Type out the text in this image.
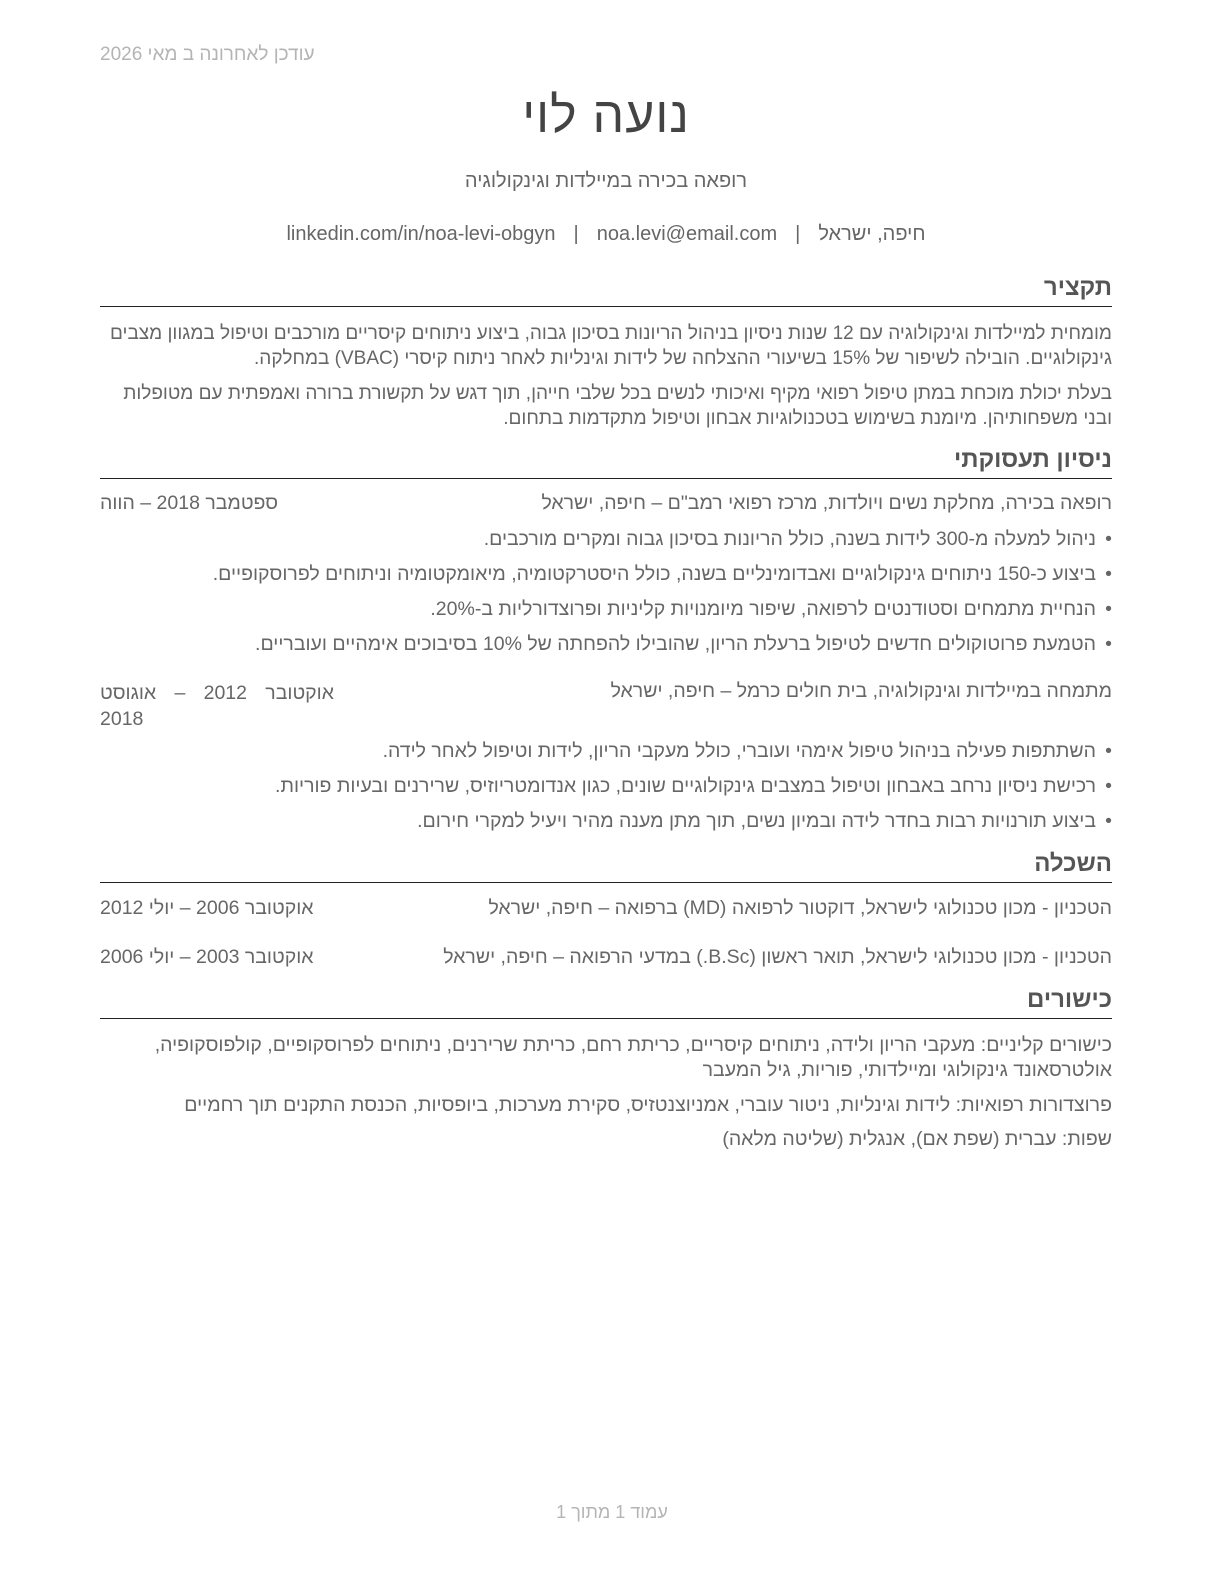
עודכן לאחרונה ב מאי 2026
נועה לוי
רופאה בכירה במיילדות וגינקולוגיה
חיפה, ישראל|noa.levi@email.com|linkedin.com/in/noa-levi-obgyn
תקציר

מומחית למיילדות וגינקולוגיה עם 12 שנות ניסיון בניהול הריונות בסיכון גבוה, ביצוע ניתוחים קיסריים מורכבים וטיפול במגוון מצבים גינקולוגיים. הובילה לשיפור של 15% בשיעורי ההצלחה של לידות וגינליות לאחר ניתוח קיסרי (VBAC) במחלקה.

בעלת יכולת מוכחת במתן טיפול רפואי מקיף ואיכותי לנשים בכל שלבי חייהן, תוך דגש על תקשורת ברורה ואמפתית עם מטופלות ובני משפחותיהן. מיומנת בשימוש בטכנולוגיות אבחון וטיפול מתקדמות בתחום.

ניסיון תעסוקתי
רופאה בכירה, מחלקת נשים ויולדות, מרכז רפואי רמב"ם – חיפה, ישראל
ספטמבר 2018 – הווה
•
ניהול למעלה מ-300 לידות בשנה, כולל הריונות בסיכון גבוה ומקרים מורכבים.
•
ביצוע כ-150 ניתוחים גינקולוגיים ואבדומינליים בשנה, כולל היסטרקטומיה, מיאומקטומיה וניתוחים לפרוסקופיים.
•
הנחיית מתמחים וסטודנטים לרפואה, שיפור מיומנויות קליניות ופרוצדורליות ב-20%.
•
הטמעת פרוטוקולים חדשים לטיפול ברעלת הריון, שהובילו להפחתה של 10% בסיבוכים אימהיים ועובריים.
מתמחה במיילדות וגינקולוגיה, בית חולים כרמל – חיפה, ישראל
אוקטובר 2012 – אוגוסט 2018
•
השתתפות פעילה בניהול טיפול אימהי ועוברי, כולל מעקבי הריון, לידות וטיפול לאחר לידה.
•
רכישת ניסיון נרחב באבחון וטיפול במצבים גינקולוגיים שונים, כגון אנדומטריוזיס, שרירנים ובעיות פוריות.
•
ביצוע תורנויות רבות בחדר לידה ובמיון נשים, תוך מתן מענה מהיר ויעיל למקרי חירום.
השכלה
הטכניון - מכון טכנולוגי לישראל, דוקטור לרפואה (MD) ברפואה – חיפה, ישראל
אוקטובר 2006 – יולי 2012
הטכניון - מכון טכנולוגי לישראל, תואר ראשון (B.Sc.) במדעי הרפואה – חיפה, ישראל
אוקטובר 2003 – יולי 2006
כישורים

כישורים קליניים: מעקבי הריון ולידה, ניתוחים קיסריים, כריתת רחם, כריתת שרירנים, ניתוחים לפרוסקופיים, קולפוסקופיה, אולטרסאונד גינקולוגי ומיילדותי, פוריות, גיל המעבר

פרוצדורות רפואיות: לידות וגינליות, ניטור עוברי, אמניוצנטזיס, סקירת מערכות, ביופסיות, הכנסת התקנים תוך רחמיים

שפות: עברית (שפת אם), אנגלית (שליטה מלאה)

עמוד 1 מתוך 1
